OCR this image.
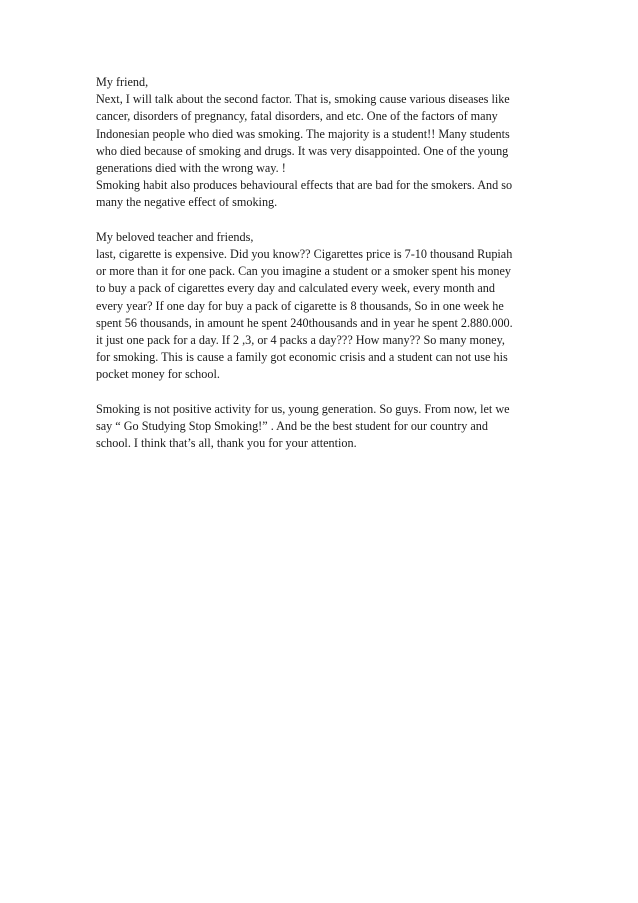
My friend,
Next, I will talk about the second factor. That is, smoking cause various diseases like
cancer, disorders of pregnancy, fatal disorders, and etc. One of the factors of many
Indonesian people who died was smoking. The majority is a student!! Many students
who died because of smoking and drugs. It was very disappointed. One of the young
generations died with the wrong way. !
Smoking habit also produces behavioural effects that are bad for the smokers. And so
many the negative effect of smoking.
My beloved teacher and friends,
last, cigarette is expensive. Did you know?? Cigarettes price is 7-10 thousand Rupiah
or more than it for one pack. Can you imagine a student or a smoker spent his money
to buy a pack of cigarettes every day and calculated every week, every month and
every year? If one day for buy a pack of cigarette is 8 thousands, So in one week he
spent 56 thousands, in amount he spent 240thousands and in year he spent 2.880.000.
it just one pack for a day. If 2 ,3, or 4 packs a day??? How many?? So many money,
for smoking. This is cause a family got economic crisis and a student can not use his
pocket money for school.
Smoking is not positive activity for us, young generation. So guys. From now, let we
say “ Go Studying Stop Smoking!” . And be the best student for our country and
school. I think that’s all, thank you for your attention.
